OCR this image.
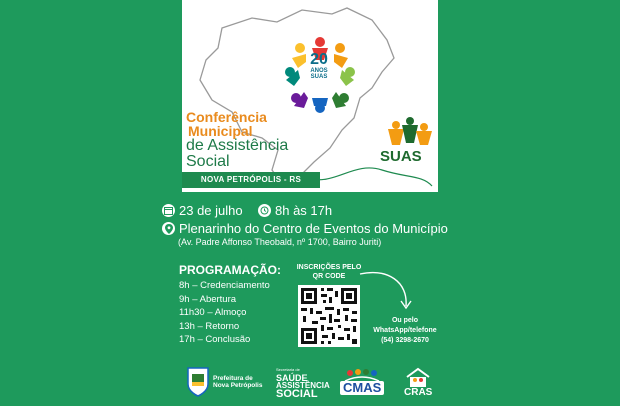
20
ANOS
SUAS
Conferência
Municipal
de Assistência
Social
NOVA PETRÓPOLIS - RS
SUAS
23 de julho 8h às 17h
Plenarinho do Centro de Eventos do Município
(Av. Padre Affonso Theobald, nº 1700, Bairro Juriti)
PROGRAMAÇÃO:
8h – Credenciamento
9h – Abertura
11h30 – Almoço
13h – Retorno
17h – Conclusão
INSCRIÇÕES PELO
QR CODE
Ou pelo
WhatsApp/telefone
(54) 3298-2670
Prefeitura de
Nova Petrópolis
Secretaria de
SAÚDE
ASSISTÊNCIA
SOCIAL	CMAS	CRAS
